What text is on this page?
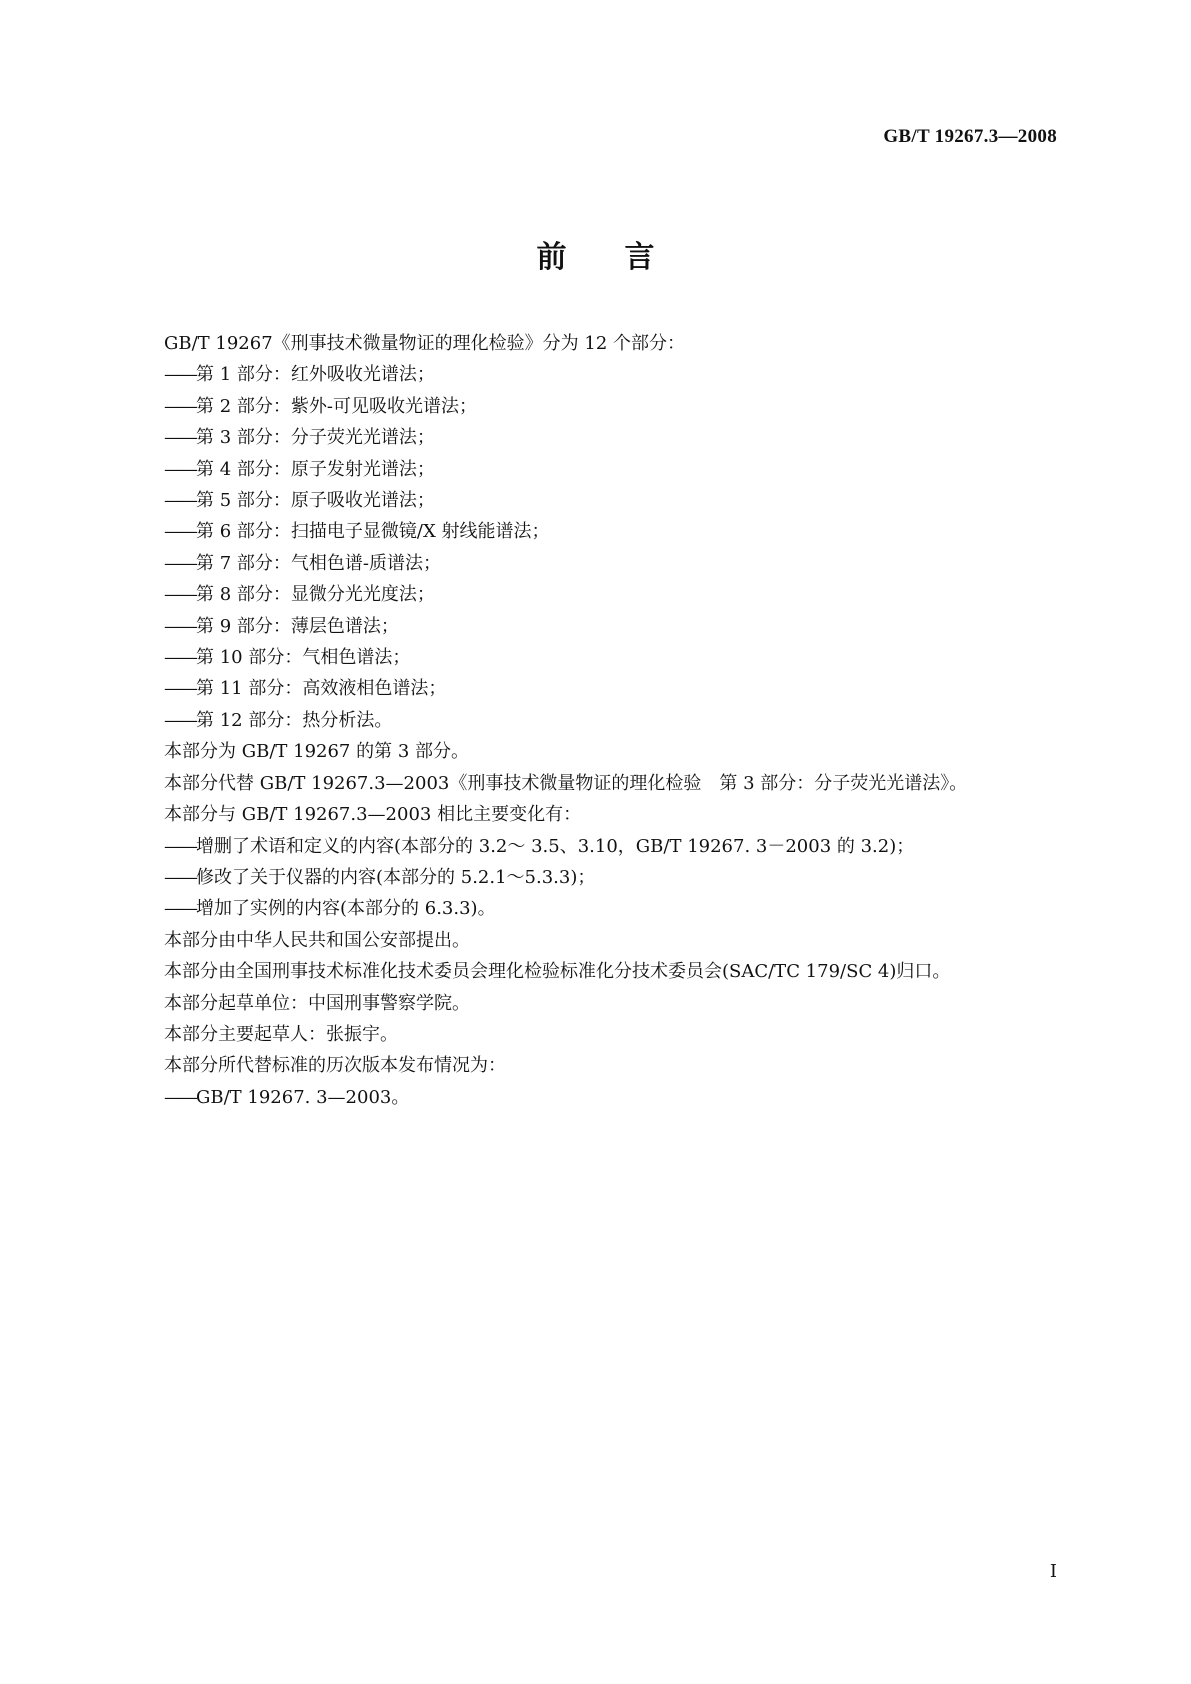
GB/T 19267.3—2008
前言

GB/T 19267《刑事技术微量物证的理化检验》分为 12 个部分：

——第 1 部分：红外吸收光谱法；

——第 2 部分：紫外-可见吸收光谱法；

——第 3 部分：分子荧光光谱法；

——第 4 部分：原子发射光谱法；

——第 5 部分：原子吸收光谱法；

——第 6 部分：扫描电子显微镜/X 射线能谱法；

——第 7 部分：气相色谱-质谱法；

——第 8 部分：显微分光光度法；

——第 9 部分：薄层色谱法；

——第 10 部分：气相色谱法；

——第 11 部分：高效液相色谱法；

——第 12 部分：热分析法。

本部分为 GB/T 19267 的第 3 部分。

本部分代替 GB/T 19267.3—2003《刑事技术微量物证的理化检验　第 3 部分：分子荧光光谱法》。

本部分与 GB/T 19267.3—2003 相比主要变化有：

——增删了术语和定义的内容(本部分的 3.2～ 3.5、3.10，GB/T 19267. 3－2003 的 3.2)；

——修改了关于仪器的内容(本部分的 5.2.1～5.3.3)；

——增加了实例的内容(本部分的 6.3.3)。

本部分由中华人民共和国公安部提出。

本部分由全国刑事技术标准化技术委员会理化检验标准化分技术委员会(SAC/TC 179/SC 4)归口。

本部分起草单位：中国刑事警察学院。

本部分主要起草人：张振宇。

本部分所代替标准的历次版本发布情况为：

——GB/T 19267. 3—2003。

Ⅰ
